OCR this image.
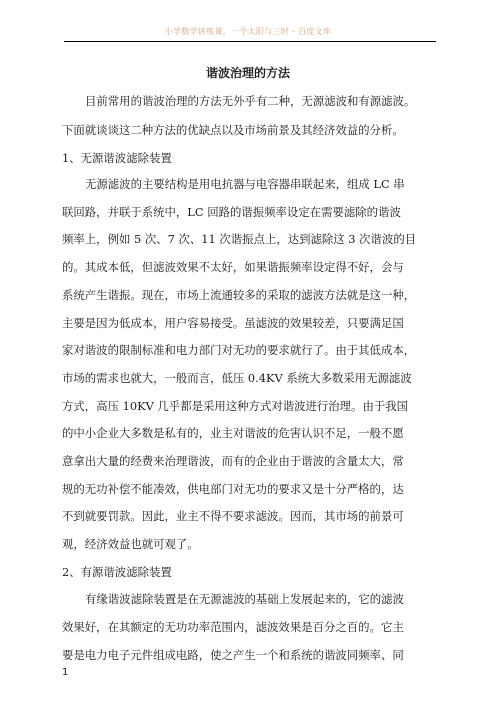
小学数学讲练课，一个太阳与三时 - 百度文库
谐波治理的方法
目前常用的谐波治理的方法无外乎有二种，无源滤波和有源滤波。
下面就谈谈这二种方法的优缺点以及市场前景及其经济效益的分析。
1、无源谐波滤除装置
无源滤波的主要结构是用电抗器与电容器串联起来，组成 LC 串
联回路，并联于系统中，LC 回路的谐振频率设定在需要滤除的谐波
频率上，例如 5 次、7 次、11 次谐振点上，达到滤除这 3 次谐波的目
的。其成本低，但滤波效果不太好，如果谐振频率设定得不好，会与
系统产生谐振。现在，市场上流通较多的采取的滤波方法就是这一种，
主要是因为低成本，用户容易接受。虽滤波的效果较差，只要满足国
家对谐波的限制标准和电力部门对无功的要求就行了。由于其低成本，
市场的需求也就大，一般而言，低压 0.4KV 系统大多数采用无源滤波
方式，高压 10KV 几乎都是采用这种方式对谐波进行治理。由于我国
的中小企业大多数是私有的，业主对谐波的危害认识不足，一般不愿
意拿出大量的经费来治理谐波，而有的企业由于谐波的含量太大，常
规的无功补偿不能凑效，供电部门对无功的要求又是十分严格的，达
不到就要罚款。因此，业主不得不要求滤波。因而，其市场的前景可
观，经济效益也就可观了。
2、有源谐波滤除装置
有缘谐波滤除装置是在无源滤波的基础上发展起来的，它的滤波
效果好，在其额定的无功功率范围内，滤波效果是百分之百的。它主
要是电力电子元件组成电路，使之产生一个和系统的谐波同频率、同
1
